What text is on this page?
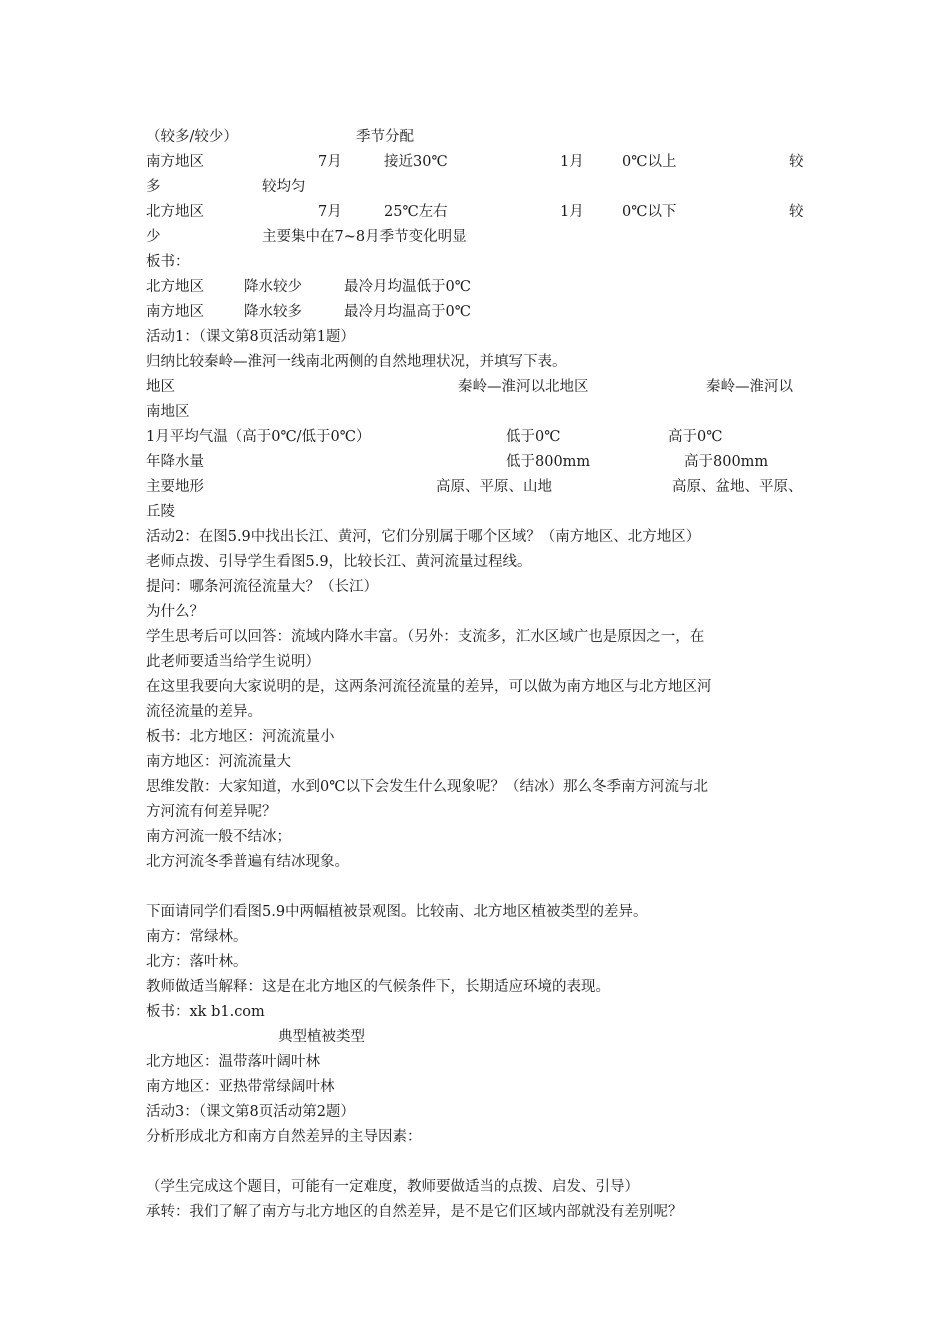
（较多/较少）	季节分配
南方地区	7月	接近30℃	1月	0℃以上	较
多	较均匀
北方地区	7月	25℃左右	1月	0℃以下	较
少	主要集中在7~8月季节变化明显
板书：
北方地区	降水较少	最冷月均温低于0℃
南方地区	降水较多	最冷月均温高于0℃
活动1：（课文第8页活动第1题）
归纳比较秦岭—淮河一线南北两侧的自然地理状况，并填写下表。
地区	秦岭—淮河以北地区	秦岭—淮河以
南地区
1月平均气温（高于0℃/低于0℃）	低于0℃	高于0℃
年降水量	低于800mm	高于800mm
主要地形	高原、平原、山地	高原、盆地、平原、
丘陵
活动2：在图5.9中找出长江、黄河，它们分别属于哪个区域？（南方地区、北方地区）
老师点拨、引导学生看图5.9，比较长江、黄河流量过程线。
提问：哪条河流径流量大？（长江）
为什么？
学生思考后可以回答：流域内降水丰富。（另外：支流多，汇水区域广也是原因之一，在
此老师要适当给学生说明）
在这里我要向大家说明的是，这两条河流径流量的差异，可以做为南方地区与北方地区河
流径流量的差异。
板书：北方地区：河流流量小
南方地区：河流流量大
思维发散：大家知道，水到0℃以下会发生什么现象呢？（结冰）那么冬季南方河流与北
方河流有何差异呢？
南方河流一般不结冰；
北方河流冬季普遍有结冰现象。
下面请同学们看图5.9中两幅植被景观图。比较南、北方地区植被类型的差异。
南方：常绿林。
北方：落叶林。
教师做适当解释：这是在北方地区的气候条件下，长期适应环境的表现。
板书：xk b1.com
典型植被类型
北方地区：温带落叶阔叶林
南方地区：亚热带常绿阔叶林
活动3：（课文第8页活动第2题）
分析形成北方和南方自然差异的主导因素：
（学生完成这个题目，可能有一定难度，教师要做适当的点拨、启发、引导）
承转：我们了解了南方与北方地区的自然差异，是不是它们区域内部就没有差别呢？
